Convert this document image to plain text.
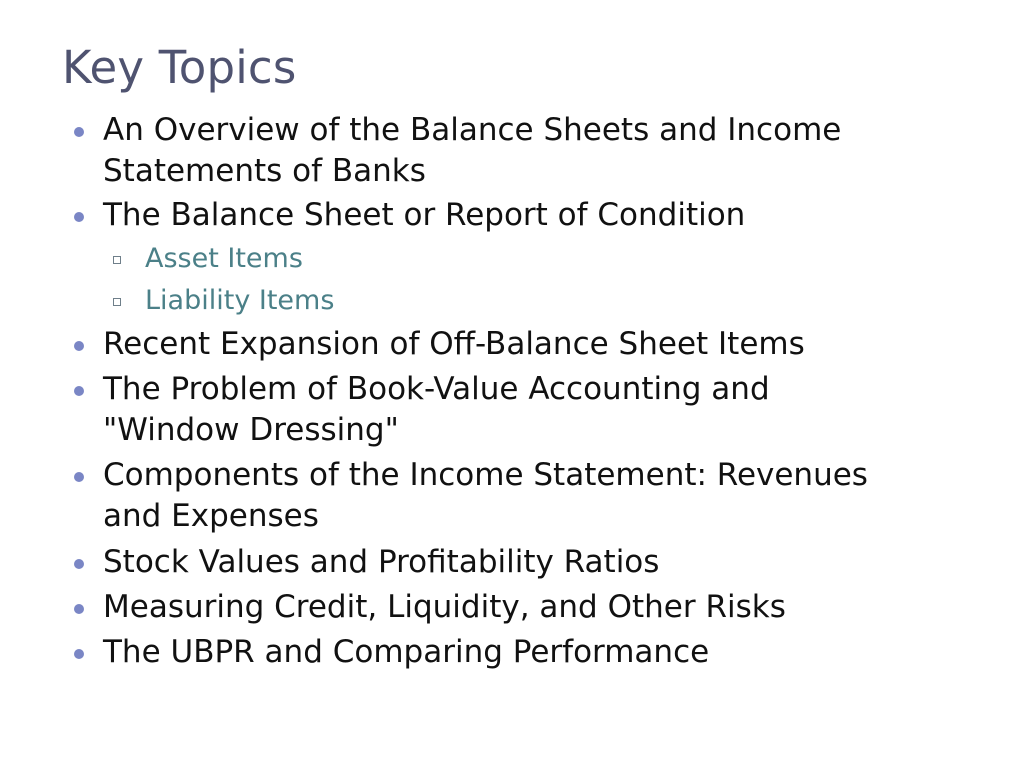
Key Topics

An Overview of the Balance Sheets and Income

Statements of Banks

The Balance Sheet or Report of Condition

Asset Items

Liability Items

Recent Expansion of Off-Balance Sheet Items

The Problem of Book-Value Accounting and

"Window Dressing"

Components of the Income Statement: Revenues

and Expenses

Stock Values and Profitability Ratios

Measuring Credit, Liquidity, and Other Risks

The UBPR and Comparing Performance
